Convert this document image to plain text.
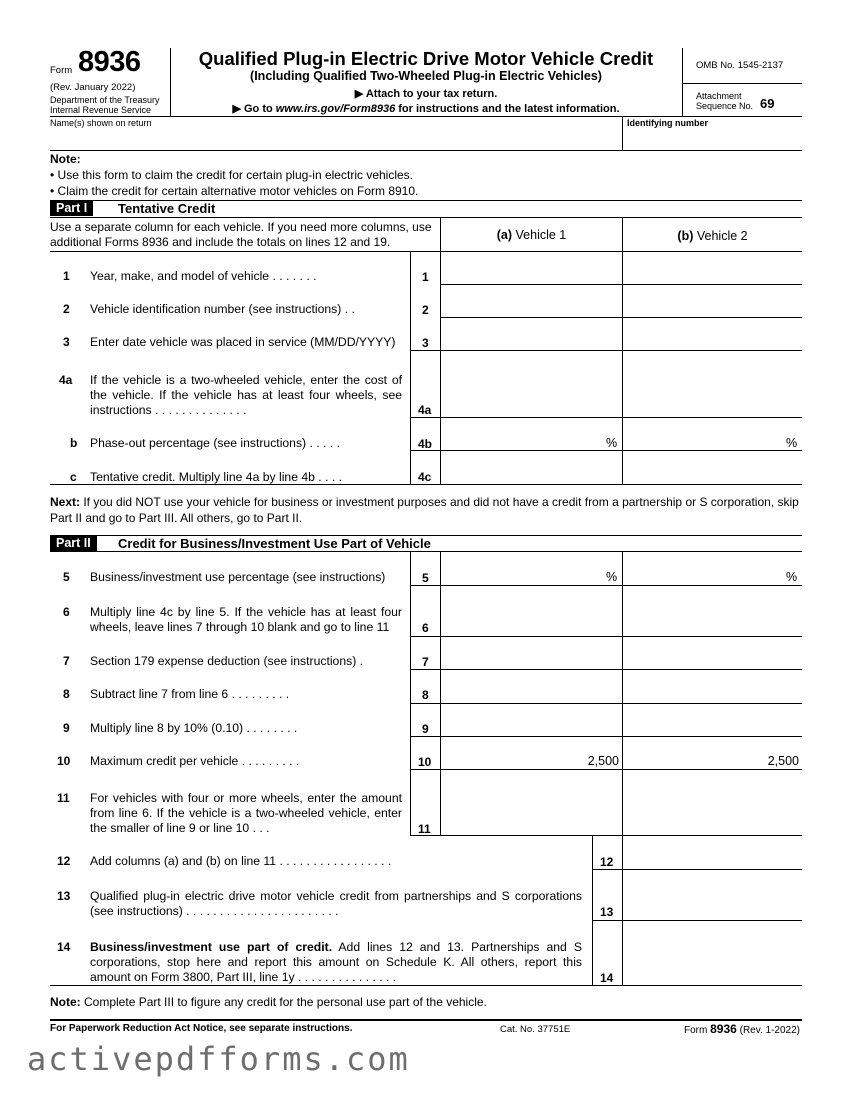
Form 8936
(Rev. January 2022)
Department of the Treasury
Internal Revenue Service
Qualified Plug-in Electric Drive Motor Vehicle Credit
(Including Qualified Two-Wheeled Plug-in Electric Vehicles)
▶ Attach to your tax return.
▶ Go to www.irs.gov/Form8936 for instructions and the latest information.
OMB No. 1545-2137
Attachment
Sequence No. 69
Name(s) shown on return	Identifying number
Note:
• Use this form to claim the credit for certain plug-in electric vehicles.
• Claim the credit for certain alternative motor vehicles on Form 8910.
Part I	Tentative Credit
Use a separate column for each vehicle. If you need more columns, use additional Forms 8936 and include the totals on lines 12 and 19.	(a) Vehicle 1	(b) Vehicle 2
1 Year, make, and model of vehicle . . . . . . .	1
2 Vehicle identification number (see instructions) . .	2
3 Enter date vehicle was placed in service (MM/DD/YYYY) 3
4a If the vehicle is a two-wheeled vehicle, enter the cost of the vehicle. If the vehicle has at least four wheels, see instructions . . . . . . . . . . . . . .	4a
b Phase-out percentage (see instructions) . . . . .	4b	%	%
c Tentative credit. Multiply line 4a by line 4b . . . .	4c
Next: If you did NOT use your vehicle for business or investment purposes and did not have a credit from a partnership or S corporation, skip Part II and go to Part III. All others, go to Part II.
Part II	Credit for Business/Investment Use Part of Vehicle
5 Business/investment use percentage (see instructions)	5	%	%
6 Multiply line 4c by line 5. If the vehicle has at least four wheels, leave lines 7 through 10 blank and go to line 11	6
7 Section 179 expense deduction (see instructions) .	7
8 Subtract line 7 from line 6 . . . . . . . . .	8
9 Multiply line 8 by 10% (0.10) . . . . . . . .	9
10 Maximum credit per vehicle . . . . . . . . .	10	2,500	2,500
11 For vehicles with four or more wheels, enter the amount from line 6. If the vehicle is a two-wheeled vehicle, enter the smaller of line 9 or line 10 . . .	11
12 Add columns (a) and (b) on line 11 . . . . . . . . . . . . . . . . .	12
13 Qualified plug-in electric drive motor vehicle credit from partnerships and S corporations (see instructions) . . . . . . . . . . . . . . . . . . . . . . .	13
14 Business/investment use part of credit. Add lines 12 and 13. Partnerships and S corporations, stop here and report this amount on Schedule K. All others, report this amount on Form 3800, Part III, line 1y . . . . . . . . . . . . . . .	14
Note: Complete Part III to figure any credit for the personal use part of the vehicle.
For Paperwork Reduction Act Notice, see separate instructions.	Cat. No. 37751E	Form 8936 (Rev. 1-2022)
activepdfforms.com
